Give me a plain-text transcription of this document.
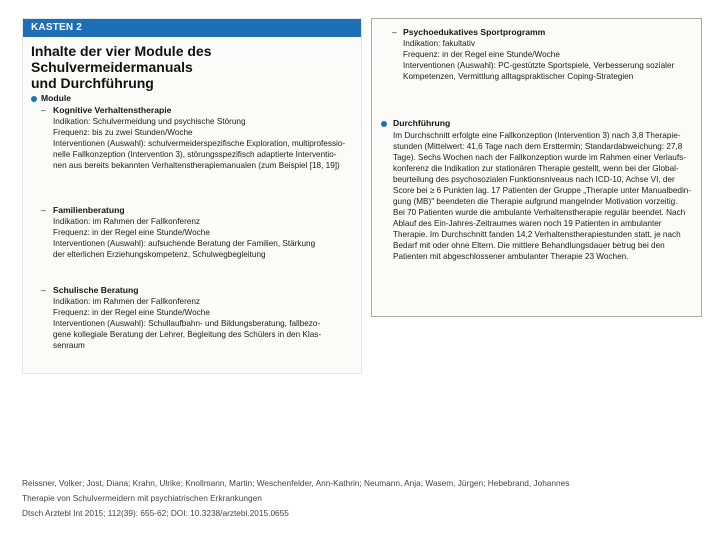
KASTEN 2
Inhalte der vier Module des Schulvermeidermanuals
und Durchführung
Module
– Kognitive Verhaltenstherapie
Indikation: Schulvermeidung und psychische Störung
Frequenz: bis zu zwei Stunden/Woche
Interventionen (Auswahl): schulvermeiderspezifische Exploration, multiprofessio-
nelle Fallkonzeption (Intervention 3), störungsspezifisch adaptierte Interventio-
nen aus bereits bekannten Verhaltenstherapiemanualen (zum Beispiel [18, 19])
– Familienberatung
Indikation: im Rahmen der Fallkonferenz
Frequenz: in der Regel eine Stunde/Woche
Interventionen (Auswahl): aufsuchende Beratung der Familien, Stärkung
der elterlichen Erziehungskompetenz, Schulwegbegleitung
– Schulische Beratung
Indikation: im Rahmen der Fallkonferenz
Frequenz: in der Regel eine Stunde/Woche
Interventionen (Auswahl): Schullaufbahn- und Bildungsberatung, fallbezo-
gene kollegiale Beratung der Lehrer, Begleitung des Schülers in den Klas-
senraum
– Psychoedukatives Sportprogramm
Indikation: fakultativ
Frequenz: in der Regel eine Stunde/Woche
Interventionen (Auswahl): PC-gestützte Sportspiele, Verbesserung sozialer
Kompetenzen, Vermittlung alltagspraktischer Coping-Strategien
Durchführung
Im Durchschnitt erfolgte eine Fallkonzeption (Intervention 3) nach 3,8 Therapie-
stunden (Mittelwert: 41,6 Tage nach dem Ersttermin; Standardabweichung: 27,8
Tage). Sechs Wochen nach der Fallkonzeption wurde im Rahmen einer Verlaufs-
konferenz die Indikation zur stationären Therapie gestellt, wenn bei der Global-
beurteilung des psychosozialen Funktionsniveaus nach ICD-10, Achse VI, der
Score bei ≥ 6 Punkten lag. 17 Patienten der Gruppe „Therapie unter Manualbedin-
gung (MB)" beendeten die Therapie aufgrund mangelnder Motivation vorzeitig.
Bei 70 Patienten wurde die ambulante Verhaltenstherapie regulär beendet. Nach
Ablauf des Ein-Jahres-Zeitraumes waren noch 19 Patienten in ambulanter
Therapie. Im Durchschnitt fanden 14,2 Verhaltenstherapiestunden statt, je nach
Bedarf mit oder ohne Eltern. Die mittlere Behandlungsdauer betrug bei den
Patienten mit abgeschlossener ambulanter Therapie 23 Wochen.
Reissner, Volker; Jost, Diana; Krahn, Ulrike; Knollmann, Martin; Weschenfelder, Ann-Kathrin; Neumann, Anja; Wasem, Jürgen; Hebebrand, Johannes
Therapie von Schulvermeidern mit psychiatrischen Erkrankungen
Dtsch Arztebl Int 2015; 112(39): 655-62; DOI: 10.3238/arztebl.2015.0655
